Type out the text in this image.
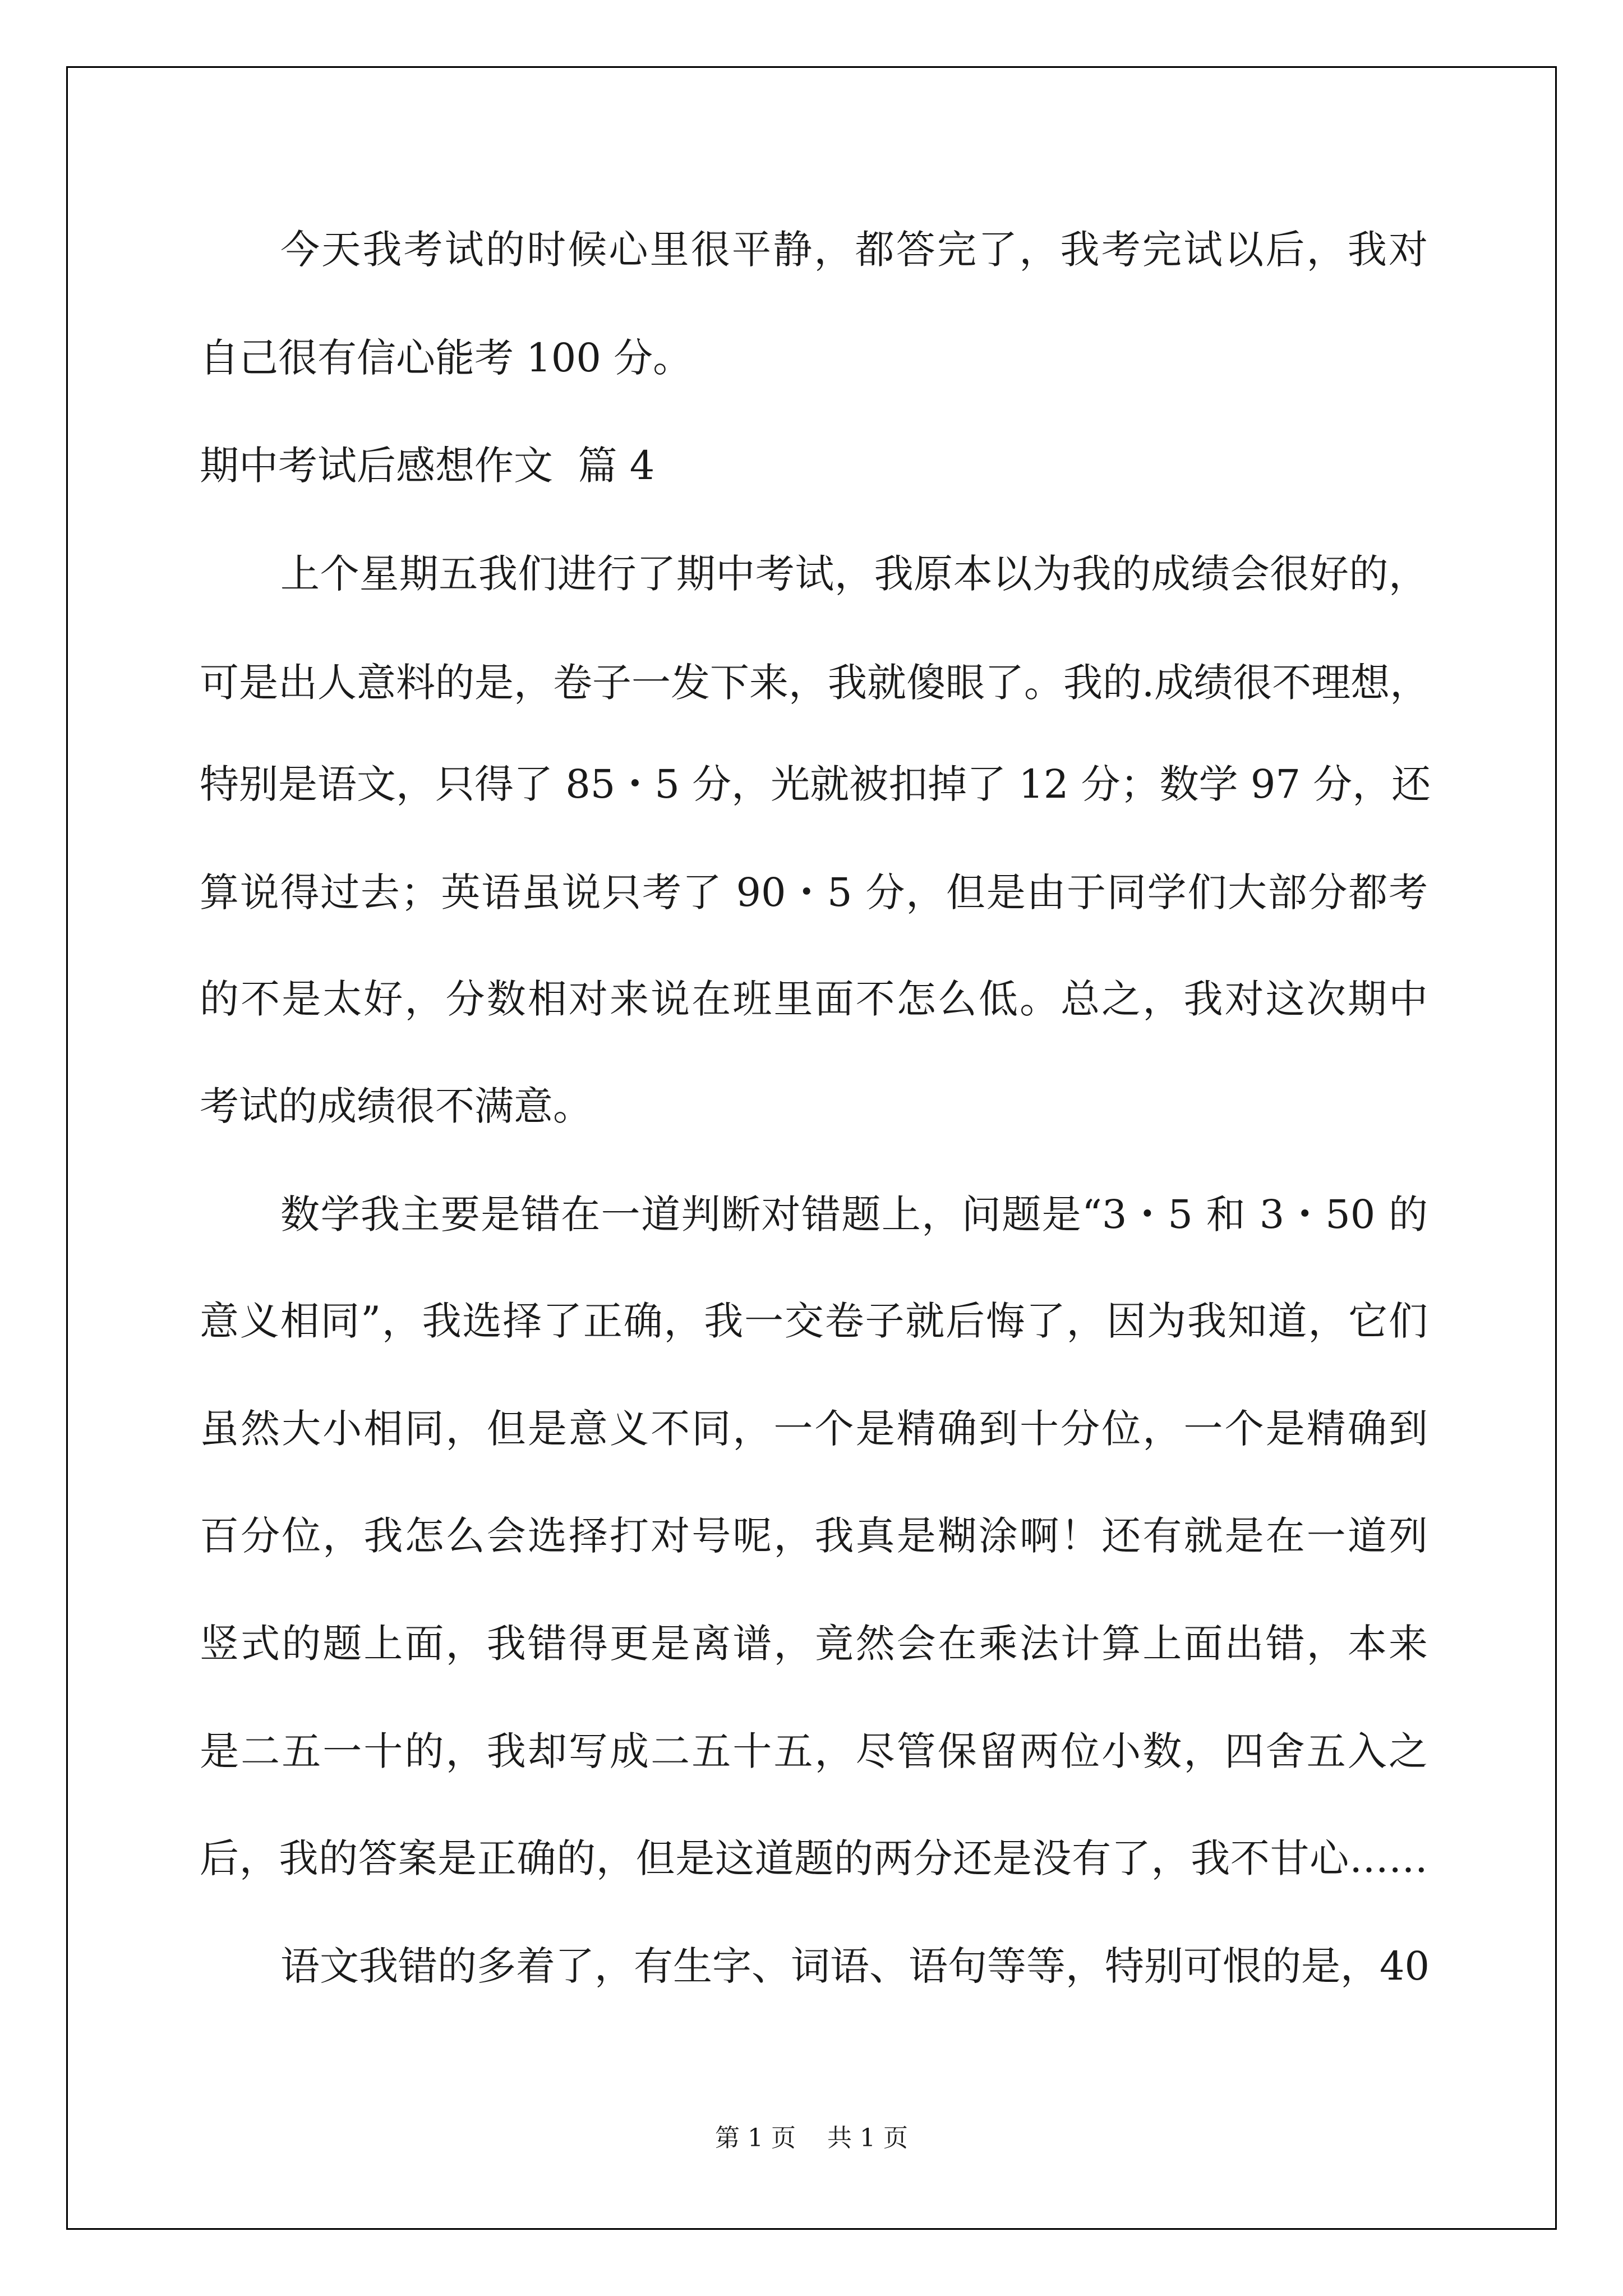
今天我考试的时候心里很平静，都答完了，我考完试以后，我对
自己很有信心能考 100 分。
期中考试后感想作文  篇 4
上个星期五我们进行了期中考试，我原本以为我的成绩会很好的，
可是出人意料的是，卷子一发下来，我就傻眼了。我的.成绩很不理想，
特别是语文，只得了 85・5 分，光就被扣掉了 12 分；数学 97 分，还
算说得过去；英语虽说只考了 90・5 分，但是由于同学们大部分都考
的不是太好，分数相对来说在班里面不怎么低。总之，我对这次期中
考试的成绩很不满意。
数学我主要是错在一道判断对错题上，问题是“3・5 和 3・50 的
意义相同”，我选择了正确，我一交卷子就后悔了，因为我知道，它们
虽然大小相同，但是意义不同，一个是精确到十分位，一个是精确到
百分位，我怎么会选择打对号呢，我真是糊涂啊！还有就是在一道列
竖式的题上面，我错得更是离谱，竟然会在乘法计算上面出错，本来
是二五一十的，我却写成二五十五，尽管保留两位小数，四舍五入之
后，我的答案是正确的，但是这道题的两分还是没有了，我不甘心……
语文我错的多着了，有生字、词语、语句等等，特别可恨的是，40
第 1 页 共 1 页
